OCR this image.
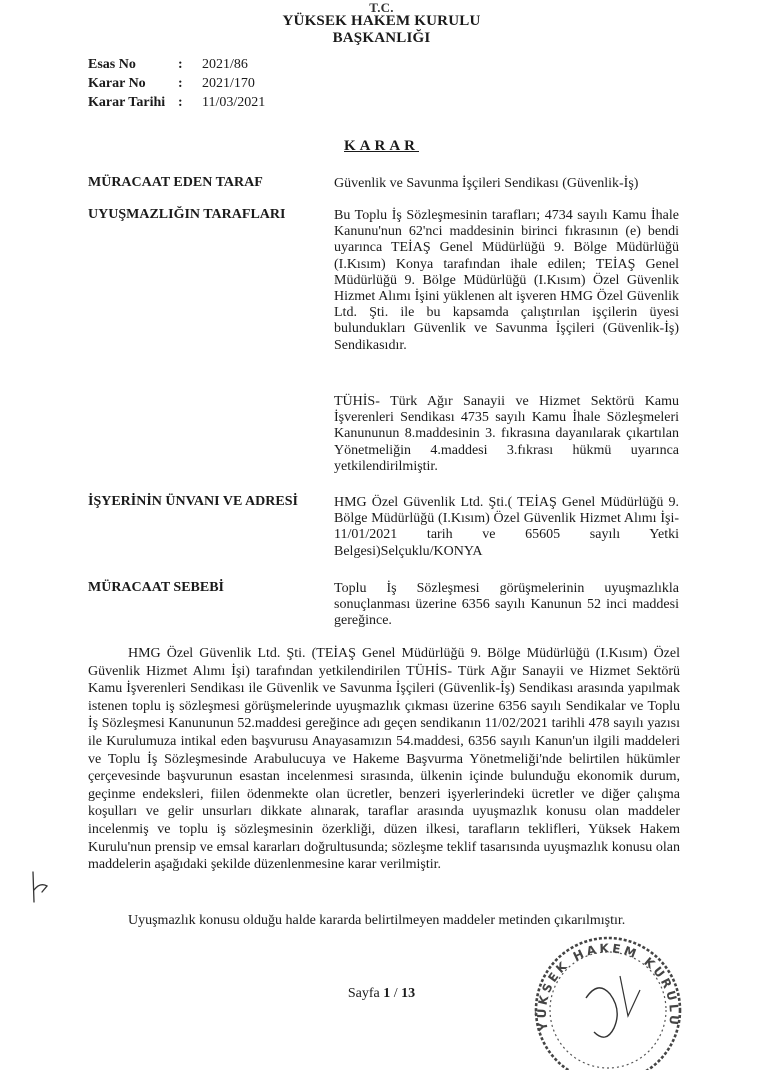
T.C.
YÜKSEK HAKEM KURULU
BAŞKANLIĞI
Esas No	:	2021/86
Karar No	:	2021/170
Karar Tarihi :	11/03/2021
KARAR
MÜRACAAT EDEN TARAF	Güvenlik ve Savunma İşçileri Sendikası (Güvenlik-İş)
UYUŞMAZLIĞIN TARAFLARI	Bu Toplu İş Sözleşmesinin tarafları; 4734 sayılı Kamu İhale Kanunu'nun 62'nci maddesinin birinci fıkrasının (e) bendi uyarınca TEİAŞ Genel Müdürlüğü 9. Bölge Müdürlüğü (I.Kısım) Konya tarafından ihale edilen; TEİAŞ Genel Müdürlüğü 9. Bölge Müdürlüğü (I.Kısım) Özel Güvenlik Hizmet Alımı İşini yüklenen alt işveren HMG Özel Güvenlik Ltd. Şti. ile bu kapsamda çalıştırılan işçilerin üyesi bulundukları Güvenlik ve Savunma İşçileri (Güvenlik-İş) Sendikasıdır.
TÜHİS- Türk Ağır Sanayii ve Hizmet Sektörü Kamu İşverenleri Sendikası 4735 sayılı Kamu İhale Sözleşmeleri Kanununun 8.maddesinin 3. fıkrasına dayanılarak çıkartılan Yönetmeliğin 4.maddesi 3.fıkrası hükmü uyarınca yetkilendirilmiştir.
İŞYERİNİN ÜNVANI VE ADRESİ	HMG Özel Güvenlik Ltd. Şti.( TEİAŞ Genel Müdürlüğü 9. Bölge Müdürlüğü (I.Kısım) Özel Güvenlik Hizmet Alımı İşi-11/01/2021 tarih ve 65605 sayılı Yetki Belgesi)Selçuklu/KONYA
MÜRACAAT SEBEBİ	Toplu İş Sözleşmesi görüşmelerinin uyuşmazlıkla sonuçlanması üzerine 6356 sayılı Kanunun 52 inci maddesi gereğince.
HMG Özel Güvenlik Ltd. Şti. (TEİAŞ Genel Müdürlüğü 9. Bölge Müdürlüğü (I.Kısım) Özel Güvenlik Hizmet Alımı İşi) tarafından yetkilendirilen TÜHİS- Türk Ağır Sanayii ve Hizmet Sektörü Kamu İşverenleri Sendikası ile Güvenlik ve Savunma İşçileri (Güvenlik-İş) Sendikası arasında yapılmak istenen toplu iş sözleşmesi görüşmelerinde uyuşmazlık çıkması üzerine 6356 sayılı Sendikalar ve Toplu İş Sözleşmesi Kanununun 52.maddesi gereğince adı geçen sendikanın 11/02/2021 tarihli 478 sayılı yazısı ile Kurulumuza intikal eden başvurusu Anayasamızın 54.maddesi, 6356 sayılı Kanun'un ilgili maddeleri ve Toplu İş Sözleşmesinde Arabulucuya ve Hakeme Başvurma Yönetmeliği'nde belirtilen hükümler çerçevesinde başvurunun esastan incelenmesi sırasında, ülkenin içinde bulunduğu ekonomik durum, geçinme endeksleri, fiilen ödenmekte olan ücretler, benzeri işyerlerindeki ücretler ve diğer çalışma koşulları ve gelir unsurları dikkate alınarak, taraflar arasında uyuşmazlık konusu olan maddeler incelenmiş ve toplu iş sözleşmesinin özerkliği, düzen ilkesi, tarafların teklifleri, Yüksek Hakem Kurulu'nun prensip ve emsal kararları doğrultusunda; sözleşme teklif tasarısında uyuşmazlık konusu olan maddelerin aşağıdaki şekilde düzenlenmesine karar verilmiştir.
Uyuşmazlık konusu olduğu halde kararda belirtilmeyen maddeler metinden çıkarılmıştır.
Sayfa 1 / 13
YÜKSEK HAKEM KURULU
